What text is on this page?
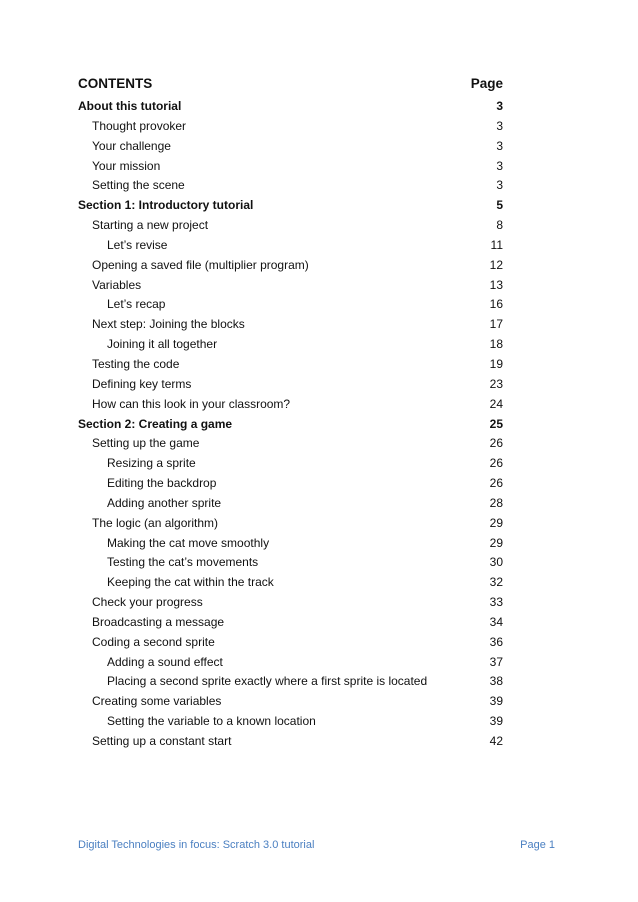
CONTENTS	Page
About this tutorial	3
Thought provoker	3
Your challenge	3
Your mission	3
Setting the scene	3
Section 1: Introductory tutorial	5
Starting a new project	8
Let’s revise	11
Opening a saved file (multiplier program)	12
Variables	13
Let’s recap	16
Next step: Joining the blocks	17
Joining it all together	18
Testing the code	19
Defining key terms	23
How can this look in your classroom?	24
Section 2: Creating a game	25
Setting up the game	26
Resizing a sprite	26
Editing the backdrop	26
Adding another sprite	28
The logic (an algorithm)	29
Making the cat move smoothly	29
Testing the cat’s movements	30
Keeping the cat within the track	32
Check your progress	33
Broadcasting a message	34
Coding a second sprite	36
Adding a sound effect	37
Placing a second sprite exactly where a first sprite is located	38
Creating some variables	39
Setting the variable to a known location	39
Setting up a constant start	42
Digital Technologies in focus: Scratch 3.0 tutorial	Page 1
